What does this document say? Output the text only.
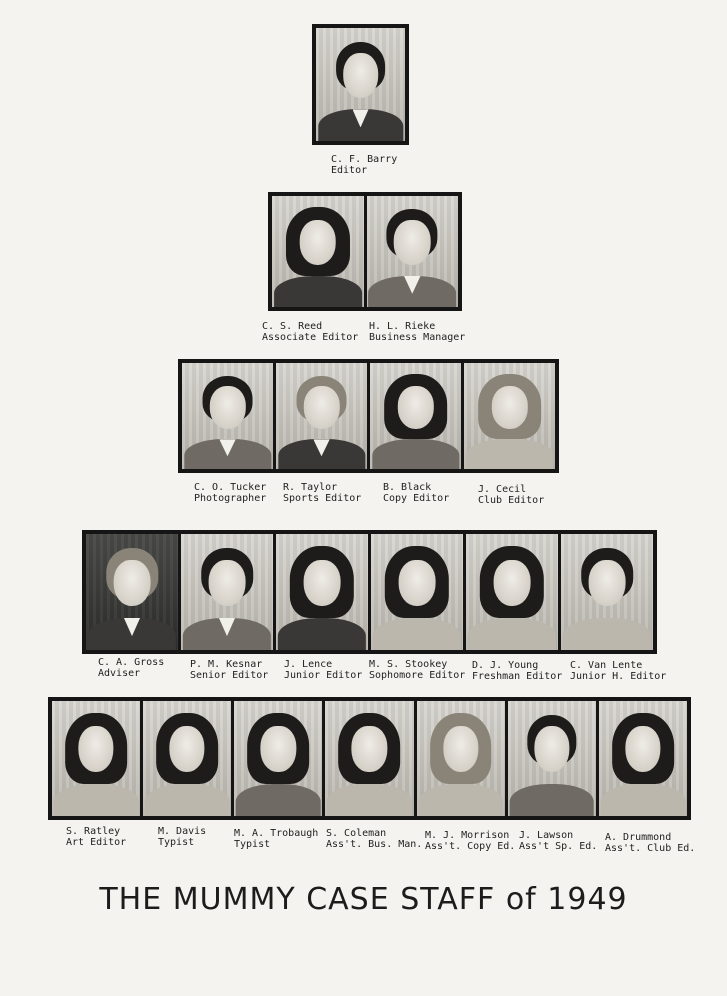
C. F. Barry
Editor
C. S. Reed
Associate Editor
H. L. Rieke
Business Manager
C. O. Tucker
Photographer
R. Taylor
Sports Editor
B. Black
Copy Editor
J. Cecil
Club Editor
C. A. Gross
Adviser
P. M. Kesnar
Senior Editor
J. Lence
Junior Editor
M. S. Stookey
Sophomore Editor
D. J. Young
Freshman Editor
C. Van Lente
Junior H. Editor
S. Ratley
Art Editor
M. Davis
Typist
M. A. Trobaugh
Typist
S. Coleman
Ass't. Bus. Man.
M. J. Morrison
Ass't. Copy Ed.
J. Lawson
Ass't Sp. Ed.
A. Drummond
Ass't. Club Ed.
THE MUMMY CASE STAFF of 1949
